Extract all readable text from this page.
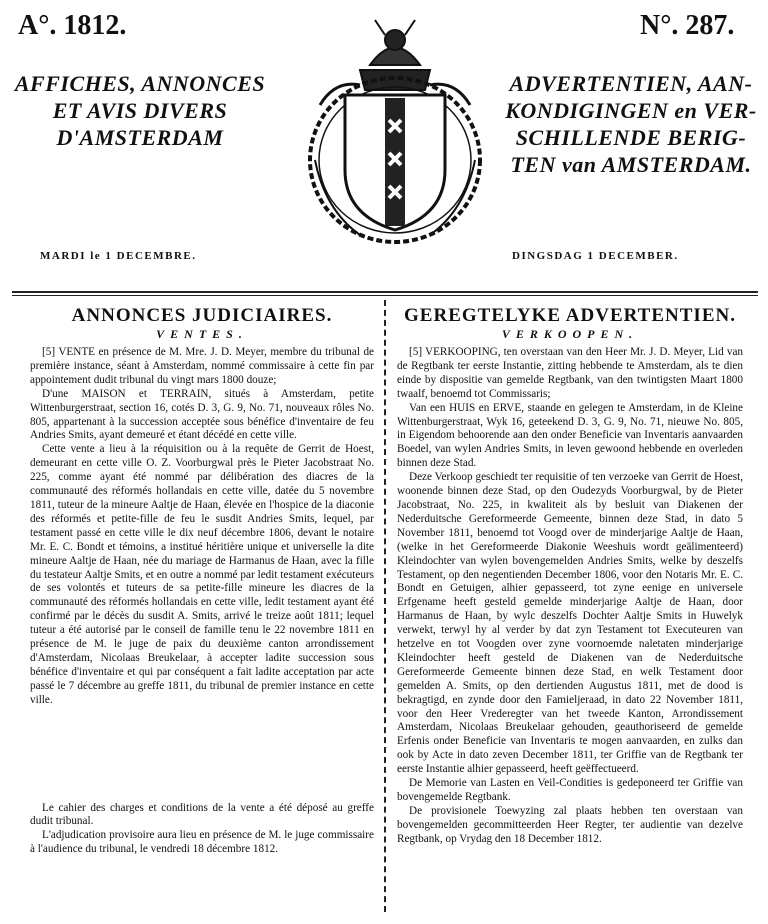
A°. 1812.	N°. 287.
AFFICHES, ANNONCES
ET AVIS DIVERS
D'AMSTERDAM
ADVERTENTIEN, AAN-
KONDIGINGEN en VER-
SCHILLENDE BERIG-
TEN van AMSTERDAM.
MARDI le 1 DECEMBRE.	DINGSDAG 1 DECEMBER.
ANNONCES JUDICIAIRES.
VENTES.

[5] VENTE en présence de M. Mre. J. D. Meyer, membre du tribunal de première instance, séant à Amsterdam, nommé commissaire à cette fin par appointement dudit tribunal du vingt mars 1800 douze;

D'une MAISON et TERRAIN, situés à Amsterdam, petite Wittenburgerstraat, section 16, cotés D. 3, G. 9, No. 71, nouveaux rôles No. 805, appartenant à la succession acceptée sous bénéfice d'inventaire de feu Andries Smits, ayant demeuré et étant décédé en cette ville.

Cette vente a lieu à la réquisition ou à la requête de Gerrit de Hoest, demeurant en cette ville O. Z. Voorburgwal près le Pieter Jacobstraat No. 225, comme ayant été nommé par délibération des diacres de la communauté des réformés hollandais en cette ville, datée du 5 novembre 1811, tuteur de la mineure Aaltje de Haan, élevée en l'hospice de la diaconie des réformés et petite-fille de feu le susdit Andries Smits, lequel, par testament passé en cette ville le dix neuf décembre 1806, devant le notaire Mr. E. C. Bondt et témoins, a institué héritière unique et universelle la dite mineure Aaltje de Haan, née du mariage de Harmanus de Haan, avec la fille du testateur Aaltje Smits, et en outre a nommé par ledit testament exécuteurs de ses volontés et tuteurs de sa petite-fille mineure les diacres de la communauté des réformés hollandais en cette ville, ledit testament ayant été confirmé par le décès du susdit A. Smits, arrivé le treize août 1811; lequel tuteur a été autorisé par le conseil de famille tenu le 22 novembre 1811 en présence de M. le juge de paix du deuxième canton arrondissement d'Amsterdam, Nicolaas Breukelaar, à accepter ladite succession sous bénéfice d'inventaire et qui par conséquent a fait ladite acceptation par acte passé le 7 décembre au greffe 1811, du tribunal de premier instance en cette ville.

Le cahier des charges et conditions de la vente a été déposé au greffe dudit tribunal.

L'adjudication provisoire aura lieu en présence de M. le juge commissaire à l'audience du tribunal, le vendredi 18 décembre 1812.

GEREGTELYKE ADVERTENTIEN.
VERKOOPEN.

[5] VERKOOPING, ten overstaan van den Heer Mr. J. D. Meyer, Lid van de Regtbank ter eerste Instantie, zitting hebbende te Amsterdam, als te dien einde by dispositie van gemelde Regtbank, van den twintigsten Maart 1800 twaalf, benoemd tot Commissaris;

Van een HUIS en ERVE, staande en gelegen te Amsterdam, in de Kleine Wittenburgerstraat, Wyk 16, geteekend D. 3, G. 9, No. 71, nieuwe No. 805, in Eigendom behoorende aan den onder Beneficie van Inventaris aanvaarden Boedel, van wylen Andries Smits, in leven gewoond hebbende en overleden binnen deze Stad.

Deze Verkoop geschiedt ter requisitie of ten verzoeke van Gerrit de Hoest, woonende binnen deze Stad, op den Oudezyds Voorburgwal, by de Pieter Jacobstraat, No. 225, in kwaliteit als by besluit van Diakenen der Nederduitsche Gereformeerde Gemeente, binnen deze Stad, in dato 5 November 1811, benoemd tot Voogd over de minderjarige Aaltje de Haan, (welke in het Gereformeerde Diakonie Weeshuis wordt geälimenteerd) Kleindochter van wylen bovengemelden Andries Smits, welke by deszelfs Testament, op den negentienden December 1806, voor den Notaris Mr. E. C. Bondt en Getuigen, alhier gepasseerd, tot zyne eenige en universele Erfgename heeft gesteld gemelde minderjarige Aaltje de Haan, door Harmanus de Haan, by wylc deszelfs Dochter Aaltje Smits in Huwelyk verwekt, terwyl hy al verder by dat zyn Testament tot Executeuren van hetzelve en tot Voogden over zyne voornoemde naletaten minderjarige Kleindochter heeft gesteld de Diakenen van de Nederduitsche Gereformeerde Gemeente binnen deze Stad, en welk Testament door gemelden A. Smits, op den dertienden Augustus 1811, met de dood is bekragtigd, en zynde door den Famieljeraad, in dato 22 November 1811, voor den Heer Vrederegter van het tweede Kanton, Arrondissement Amsterdam, Nicolaas Breukelaar gehouden, geauthoriseerd de gemelde Erfenis onder Beneficie van Inventaris te mogen aanvaarden, en zulks dan ook by Acte in dato zeven December 1811, ter Griffie van de Regtbank ter eerste Instantie alhier gepasseerd, heeft geëffectueerd.

De Memorie van Lasten en Veil-Condities is gedeponeerd ter Griffie van bovengemelde Regtbank.

De provisionele Toewyzing zal plaats hebben ten overstaan van bovengemelden gecommitteerden Heer Regter, ter audientie van dezelve Regtbank, op Vrydag den 18 December 1812.
